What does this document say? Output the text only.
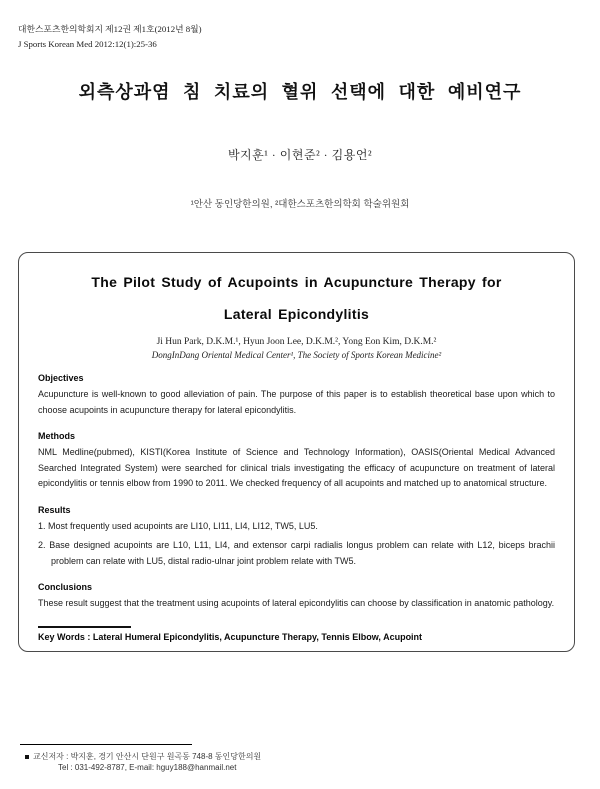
대한스포츠한의학회지 제12권 제1호(2012년 8월)
J Sports Korean Med 2012:12(1):25-36
외측상과염 침 치료의 혈위 선택에 대한 예비연구
박지훈¹ · 이현준² · 김용언²
¹안산 동인당한의원, ²대한스포츠한의학회 학술위원회
The Pilot Study of Acupoints in Acupuncture Therapy for
Lateral Epicondylitis
Ji Hun Park, D.K.M.¹, Hyun Joon Lee, D.K.M.², Yong Eon Kim, D.K.M.²
DongInDang Oriental Medical Center¹, The Society of Sports Korean Medicine²
Objectives

Acupuncture is well-known to good alleviation of pain. The purpose of this paper is to establish theoretical base upon which to choose acupoints in acupuncture therapy for lateral epicondylitis.

Methods

NML Medline(pubmed), KISTI(Korea Institute of Science and Technology Information), OASIS(Oriental Medical Advanced Searched Integrated System) were searched for clinical trials investigating the efficacy of acupuncture on treatment of lateral epicondylitis or tennis elbow from 1990 to 2011. We checked frequency of all acupoints and matched up to anatomical structure.

Results

1. Most frequently used acupoints are LI10, LI11, LI4, LI12, TW5, LU5.

2. Base designed acupoints are L10, L11, LI4, and extensor carpi radialis longus problem can relate with L12, biceps brachii problem can relate with LU5, distal radio-ulnar joint problem relate with TW5.

Conclusions

These result suggest that the treatment using acupoints of lateral epicondylitis can choose by classification in anatomic pathology.

Key Words : Lateral Humeral Epicondylitis, Acupuncture Therapy, Tennis Elbow, Acupoint

교신저자 : 박지훈, 경기 안산시 단원구 원곡동 748-8 동인당한의원
Tel : 031-492-8787, E-mail: hguy188@hanmail.net
